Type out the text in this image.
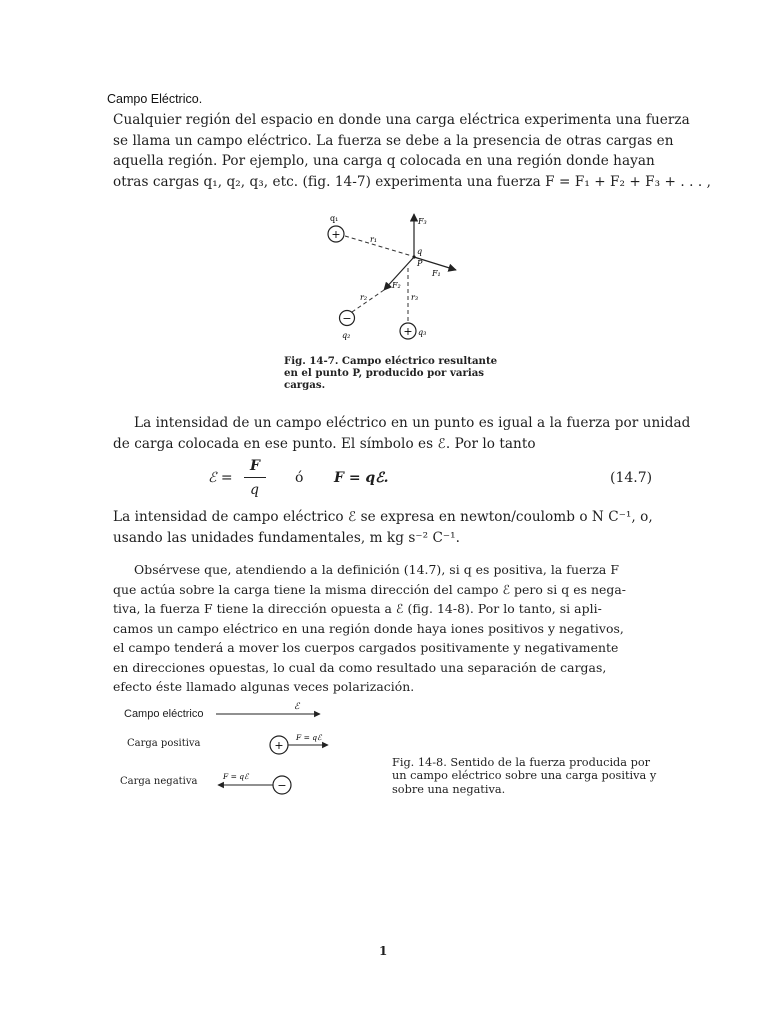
Campo Eléctrico.
Cualquier región del espacio en donde una carga eléctrica experimenta una fuerza
se llama un campo eléctrico. La fuerza se debe a la presencia de otras cargas en
aquella región. Por ejemplo, una carga q colocada en una región donde hayan
otras cargas q₁, q₂, q₃, etc. (fig. 14-7) experimenta una fuerza F = F₁ + F₂ + F₃ + . . . ,
+
q₁
r₁
q
P
F₃
F₁
F₂
r₂
−
q₂
r₃
+ q₃
Fig. 14-7. Campo eléctrico resultante en el punto P, producido por varias cargas.
La intensidad de un campo eléctrico en un punto es igual a la fuerza por unidad
de carga colocada en ese punto. El símbolo es ℰ. Por lo tanto
ℰ =
F
q
ó F = qℰ.	(14.7)
La intensidad de campo eléctrico ℰ se expresa en newton/coulomb o N C⁻¹, o,
usando las unidades fundamentales, m kg s⁻² C⁻¹.
Obsérvese que, atendiendo a la definición (14.7), si q es positiva, la fuerza F
que actúa sobre la carga tiene la misma dirección del campo ℰ pero si q es nega-
tiva, la fuerza F tiene la dirección opuesta a ℰ (fig. 14-8). Por lo tanto, si apli-
camos un campo eléctrico en una región donde haya iones positivos y negativos,
el campo tenderá a mover los cuerpos cargados positivamente y negativamente
en direcciones opuestas, lo cual da como resultado una separación de cargas,
efecto éste llamado algunas veces polarización.
Campo eléctrico
Carga positiva
Carga negativa
ℰ
+
F = qℰ
−
F = qℰ
Fig. 14-8. Sentido de la fuerza producida por un campo eléctrico sobre una carga positiva y sobre una negativa.
1
